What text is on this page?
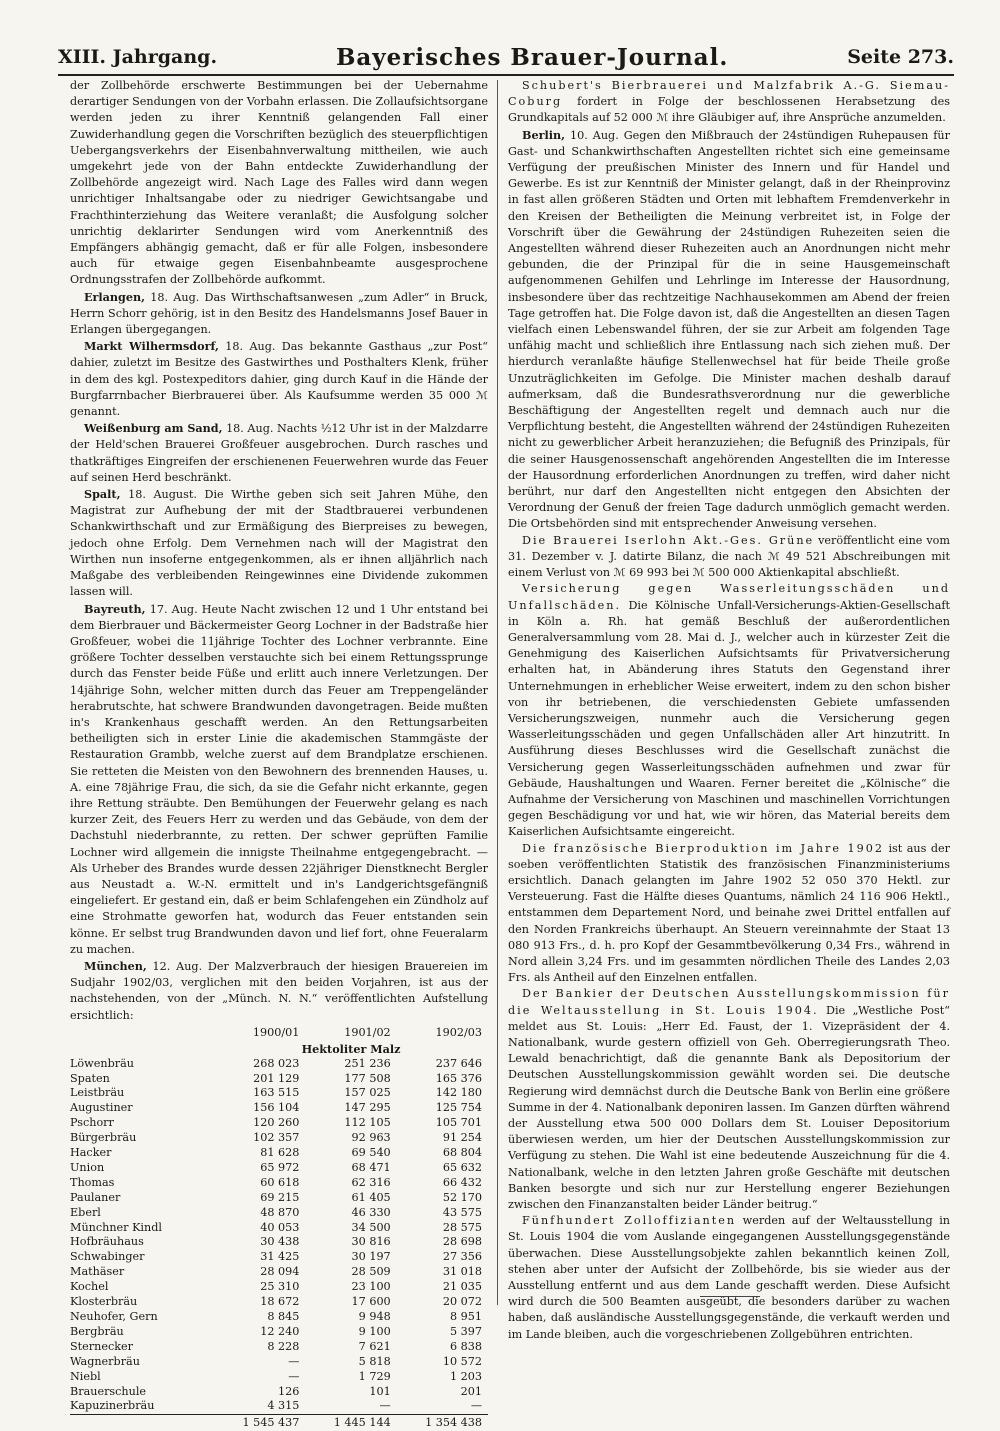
XIII. Jahrgang.	Bayerisches Brauer-Journal.	Seite 273.

der Zollbehörde erschwerte Bestimmungen bei der Uebernahme derartiger Sendungen von der Vorbahn erlassen. Die Zollaufsichtsorgane werden jeden zu ihrer Kenntniß gelangenden Fall einer Zuwiderhandlung gegen die Vorschriften bezüglich des steuerpflichtigen Uebergangsverkehrs der Eisenbahnverwaltung mittheilen, wie auch umgekehrt jede von der Bahn entdeckte Zuwiderhandlung der Zollbehörde angezeigt wird. Nach Lage des Falles wird dann wegen unrichtiger Inhaltsangabe oder zu niedriger Gewichtsangabe und Frachthinterziehung das Weitere veranlaßt; die Ausfolgung solcher unrichtig deklarirter Sendungen wird vom Anerkenntniß des Empfängers abhängig gemacht, daß er für alle Folgen, insbesondere auch für etwaige gegen Eisenbahnbeamte ausgesprochene Ordnungsstrafen der Zollbehörde aufkommt.

Erlangen, 18. Aug. Das Wirthschaftsanwesen „zum Adler“ in Bruck, Herrn Schorr gehörig, ist in den Besitz des Handelsmanns Josef Bauer in Erlangen übergegangen.

Markt Wilhermsdorf, 18. Aug. Das bekannte Gasthaus „zur Post“ dahier, zuletzt im Besitze des Gastwirthes und Posthalters Klenk, früher in dem des kgl. Postexpeditors dahier, ging durch Kauf in die Hände der Burgfarrnbacher Bierbrauerei über. Als Kaufsumme werden 35 000 ℳ genannt.

Weißenburg am Sand, 18. Aug. Nachts ½12 Uhr ist in der Malzdarre der Held'schen Brauerei Großfeuer ausgebrochen. Durch rasches und thatkräftiges Eingreifen der erschienenen Feuerwehren wurde das Feuer auf seinen Herd beschränkt.

Spalt, 18. August. Die Wirthe geben sich seit Jahren Mühe, den Magistrat zur Aufhebung der mit der Stadtbrauerei verbundenen Schankwirthschaft und zur Ermäßigung des Bierpreises zu bewegen, jedoch ohne Erfolg. Dem Vernehmen nach will der Magistrat den Wirthen nun insoferne entgegenkommen, als er ihnen alljährlich nach Maßgabe des verbleibenden Reingewinnes eine Dividende zukommen lassen will.

Bayreuth, 17. Aug. Heute Nacht zwischen 12 und 1 Uhr entstand bei dem Bierbrauer und Bäckermeister Georg Lochner in der Badstraße hier Großfeuer, wobei die 11jährige Tochter des Lochner verbrannte. Eine größere Tochter desselben verstauchte sich bei einem Rettungssprunge durch das Fenster beide Füße und erlitt auch innere Verletzungen. Der 14jährige Sohn, welcher mitten durch das Feuer am Treppengeländer herabrutschte, hat schwere Brandwunden davongetragen. Beide mußten in's Krankenhaus geschafft werden. An den Rettungsarbeiten betheiligten sich in erster Linie die akademischen Stammgäste der Restauration Grambb, welche zuerst auf dem Brandplatze erschienen. Sie retteten die Meisten von den Bewohnern des brennenden Hauses, u. A. eine 78jährige Frau, die sich, da sie die Gefahr nicht erkannte, gegen ihre Rettung sträubte. Den Bemühungen der Feuerwehr gelang es nach kurzer Zeit, des Feuers Herr zu werden und das Gebäude, von dem der Dachstuhl niederbrannte, zu retten. Der schwer geprüften Familie Lochner wird allgemein die innigste Theilnahme entgegengebracht. — Als Urheber des Brandes wurde dessen 22jähriger Dienstknecht Bergler aus Neustadt a. W.-N. ermittelt und in's Landgerichtsgefängniß eingeliefert. Er gestand ein, daß er beim Schlafengehen ein Zündholz auf eine Strohmatte geworfen hat, wodurch das Feuer entstanden sein könne. Er selbst trug Brandwunden davon und lief fort, ohne Feueralarm zu machen.

München, 12. Aug. Der Malzverbrauch der hiesigen Brauereien im Sudjahr 1902/03, verglichen mit den beiden Vorjahren, ist aus der nachstehenden, von der „Münch. N. N.“ veröffentlichten Aufstellung ersichtlich:

	1900/01	1901/02	1902/03
	Hektoliter Malz		
Löwenbräu	268 023	251 236	237 646
Spaten	201 129	177 508	165 376
Leistbräu	163 515	157 025	142 180
Augustiner	156 104	147 295	125 754
Pschorr	120 260	112 105	105 701
Bürgerbräu	102 357	92 963	91 254
Hacker	81 628	69 540	68 804
Union	65 972	68 471	65 632
Thomas	60 618	62 316	66 432
Paulaner	69 215	61 405	52 170
Eberl	48 870	46 330	43 575
Münchner Kindl	40 053	34 500	28 575
Hofbräuhaus	30 438	30 816	28 698
Schwabinger	31 425	30 197	27 356
Mathäser	28 094	28 509	31 018
Kochel	25 310	23 100	21 035
Klosterbräu	18 672	17 600	20 072
Neuhofer, Gern	8 845	9 948	8 951
Bergbräu	12 240	9 100	5 397
Sternecker	8 228	7 621	6 838
Wagnerbräu	—	5 818	10 572
Niebl	—	1 729	1 203
Brauerschule	126	101	201
Kapuzinerbräu	4 315	—	—
	1 545 437	1 445 144	1 354 438

Schubert's Bierbrauerei und Malzfabrik A.-G. Siemau-Coburg fordert in Folge der beschlossenen Herabsetzung des Grundkapitals auf 52 000 ℳ ihre Gläubiger auf, ihre Ansprüche anzumelden.

Berlin, 10. Aug. Gegen den Mißbrauch der 24stündigen Ruhepausen für Gast- und Schankwirthschaften Angestellten richtet sich eine gemeinsame Verfügung der preußischen Minister des Innern und für Handel und Gewerbe. Es ist zur Kenntniß der Minister gelangt, daß in der Rheinprovinz in fast allen größeren Städten und Orten mit lebhaftem Fremdenverkehr in den Kreisen der Betheiligten die Meinung verbreitet ist, in Folge der Vorschrift über die Gewährung der 24stündigen Ruhezeiten seien die Angestellten während dieser Ruhezeiten auch an Anordnungen nicht mehr gebunden, die der Prinzipal für die in seine Hausgemeinschaft aufgenommenen Gehilfen und Lehrlinge im Interesse der Hausordnung, insbesondere über das rechtzeitige Nachhausekommen am Abend der freien Tage getroffen hat. Die Folge davon ist, daß die Angestellten an diesen Tagen vielfach einen Lebenswandel führen, der sie zur Arbeit am folgenden Tage unfähig macht und schließlich ihre Entlassung nach sich ziehen muß. Der hierdurch veranlaßte häufige Stellenwechsel hat für beide Theile große Unzuträglichkeiten im Gefolge. Die Minister machen deshalb darauf aufmerksam, daß die Bundesrathsverordnung nur die gewerbliche Beschäftigung der Angestellten regelt und demnach auch nur die Verpflichtung besteht, die Angestellten während der 24stündigen Ruhezeiten nicht zu gewerblicher Arbeit heranzuziehen; die Befugniß des Prinzipals, für die seiner Hausgenossenschaft angehörenden Angestellten die im Interesse der Hausordnung erforderlichen Anordnungen zu treffen, wird daher nicht berührt, nur darf den Angestellten nicht entgegen den Absichten der Verordnung der Genuß der freien Tage dadurch unmöglich gemacht werden. Die Ortsbehörden sind mit entsprechender Anweisung versehen.

Die Brauerei Iserlohn Akt.-Ges. Grüne veröffentlicht eine vom 31. Dezember v. J. datirte Bilanz, die nach ℳ 49 521 Abschreibungen mit einem Verlust von ℳ 69 993 bei ℳ 500 000 Aktienkapital abschließt.

Versicherung gegen Wasserleitungsschäden und Unfallschäden. Die Kölnische Unfall-Versicherungs-Aktien-Gesellschaft in Köln a. Rh. hat gemäß Beschluß der außerordentlichen Generalversammlung vom 28. Mai d. J., welcher auch in kürzester Zeit die Genehmigung des Kaiserlichen Aufsichtsamts für Privatversicherung erhalten hat, in Abänderung ihres Statuts den Gegenstand ihrer Unternehmungen in erheblicher Weise erweitert, indem zu den schon bisher von ihr betriebenen, die verschiedensten Gebiete umfassenden Versicherungszweigen, nunmehr auch die Versicherung gegen Wasserleitungsschäden und gegen Unfallschäden aller Art hinzutritt. In Ausführung dieses Beschlusses wird die Gesellschaft zunächst die Versicherung gegen Wasserleitungsschäden aufnehmen und zwar für Gebäude, Haushaltungen und Waaren. Ferner bereitet die „Kölnische“ die Aufnahme der Versicherung von Maschinen und maschinellen Vorrichtungen gegen Beschädigung vor und hat, wie wir hören, das Material bereits dem Kaiserlichen Aufsichtsamte eingereicht.

Die französische Bierproduktion im Jahre 1902 ist aus der soeben veröffentlichten Statistik des französischen Finanzministeriums ersichtlich. Danach gelangten im Jahre 1902 52 050 370 Hektl. zur Versteuerung. Fast die Hälfte dieses Quantums, nämlich 24 116 906 Hektl., entstammen dem Departement Nord, und beinahe zwei Drittel entfallen auf den Norden Frankreichs überhaupt. An Steuern vereinnahmte der Staat 13 080 913 Frs., d. h. pro Kopf der Gesammtbevölkerung 0,34 Frs., während in Nord allein 3,24 Frs. und im gesammten nördlichen Theile des Landes 2,03 Frs. als Antheil auf den Einzelnen entfallen.

Der Bankier der Deutschen Ausstellungskommission für die Weltausstellung in St. Louis 1904. Die „Westliche Post“ meldet aus St. Louis: „Herr Ed. Faust, der 1. Vizepräsident der 4. Nationalbank, wurde gestern offiziell von Geh. Oberregierungsrath Theo. Lewald benachrichtigt, daß die genannte Bank als Depositorium der Deutschen Ausstellungskommission gewählt worden sei. Die deutsche Regierung wird demnächst durch die Deutsche Bank von Berlin eine größere Summe in der 4. Nationalbank deponiren lassen. Im Ganzen dürften während der Ausstellung etwa 500 000 Dollars dem St. Louiser Depositorium überwiesen werden, um hier der Deutschen Ausstellungskommission zur Verfügung zu stehen. Die Wahl ist eine bedeutende Auszeichnung für die 4. Nationalbank, welche in den letzten Jahren große Geschäfte mit deutschen Banken besorgte und sich nur zur Herstellung engerer Beziehungen zwischen den Finanzanstalten beider Länder beitrug.“

Fünfhundert Zolloffizianten werden auf der Weltausstellung in St. Louis 1904 die vom Auslande eingegangenen Ausstellungsgegenstände überwachen. Diese Ausstellungsobjekte zahlen bekanntlich keinen Zoll, stehen aber unter der Aufsicht der Zollbehörde, bis sie wieder aus der Ausstellung entfernt und aus dem Lande geschafft werden. Diese Aufsicht wird durch die 500 Beamten ausgeübt, die besonders darüber zu wachen haben, daß ausländische Ausstellungsgegenstände, die verkauft werden und im Lande bleiben, auch die vorgeschriebenen Zollgebühren entrichten.
